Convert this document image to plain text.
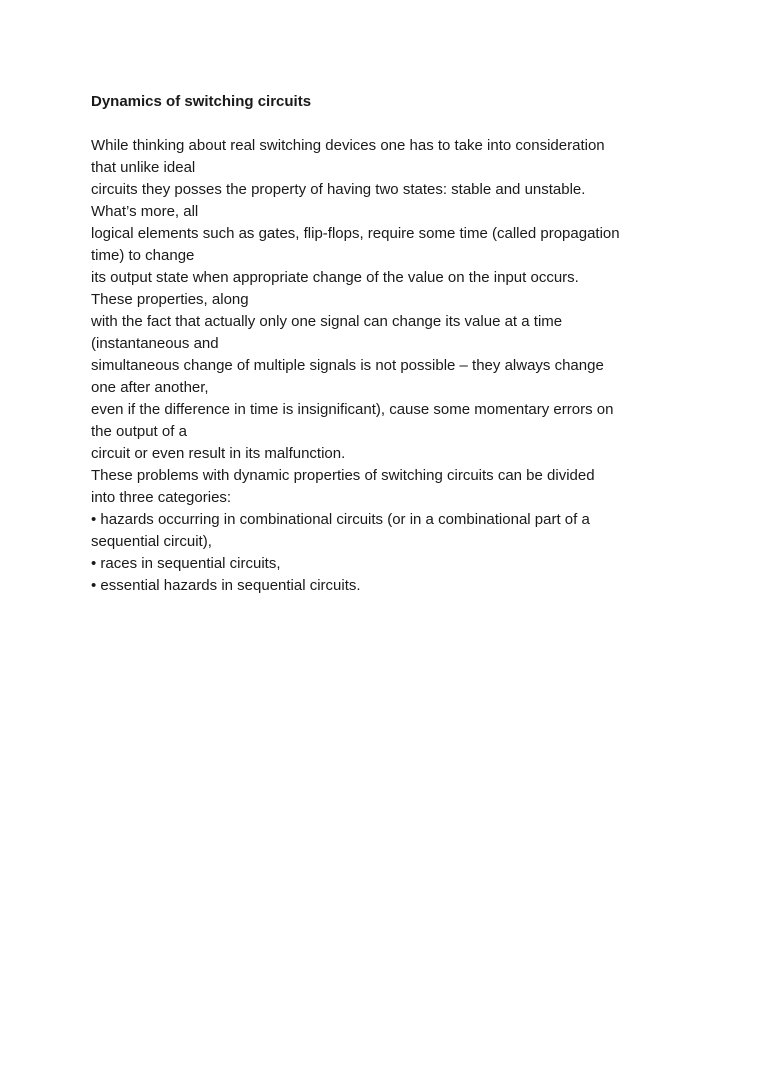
Dynamics of switching circuits
While thinking about real switching devices one has to take into consideration
that unlike ideal
circuits they posses the property of having two states: stable and unstable.
What’s more, all
logical elements such as gates, flip-flops, require some time (called propagation
time) to change
its output state when appropriate change of the value on the input occurs.
These properties, along
with the fact that actually only one signal can change its value at a time
(instantaneous and
simultaneous change of multiple signals is not possible – they always change
one after another,
even if the difference in time is insignificant), cause some momentary errors on
the output of a
circuit or even result in its malfunction.
These problems with dynamic properties of switching circuits can be divided
into three categories:
• hazards occurring in combinational circuits (or in a combinational part of a
sequential circuit),
• races in sequential circuits,
• essential hazards in sequential circuits.
